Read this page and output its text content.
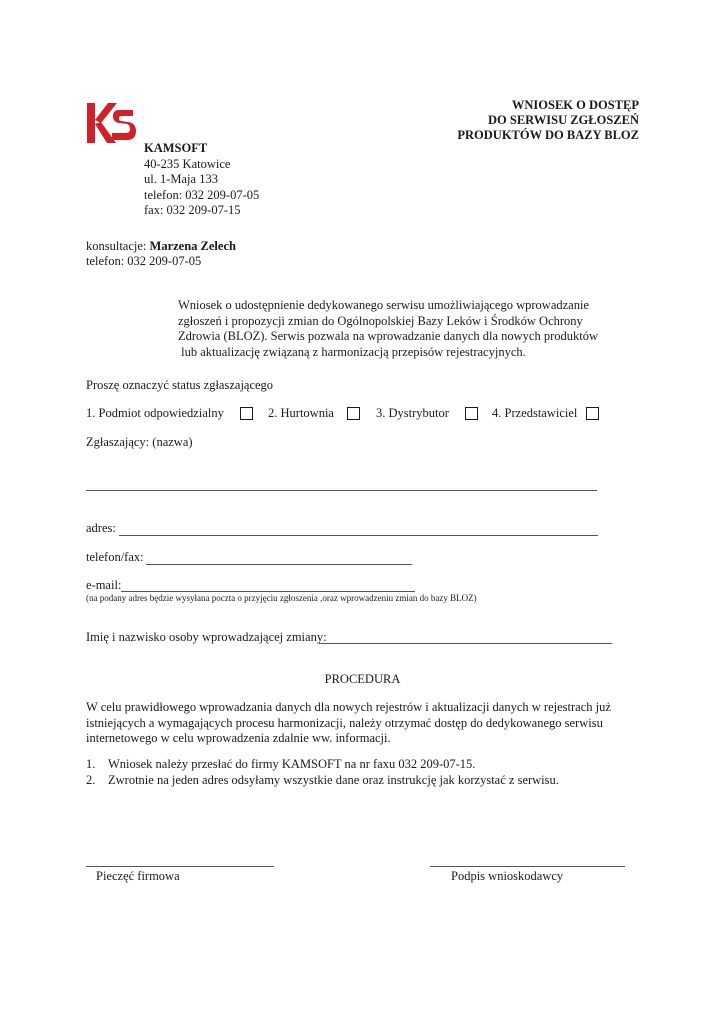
WNIOSEK O DOSTĘP
DO SERWISU ZGŁOSZEŃ
PRODUKTÓW DO BAZY BLOZ
KAMSOFT
40-235 Katowice
ul. 1-Maja 133
telefon: 032 209-07-05
fax: 032 209-07-15
konsultacje: Marzena Zelech
telefon: 032 209-07-05
Wniosek o udostępnienie dedykowanego serwisu umożliwiającego wprowadzanie
zgłoszeń i propozycji zmian do Ogólnopolskiej Bazy Leków i Środków Ochrony
Zdrowia (BLOZ). Serwis pozwala na wprowadzanie danych dla nowych produktów
lub aktualizację związaną z harmonizacją przepisów rejestracyjnych.
Proszę oznaczyć status zgłaszającego
1. Podmiot odpowiedzialny	2. Hurtownia	3. Dystrybutor	4. Przedstawiciel
Zgłaszający: (nazwa)
adres:
telefon/fax:
e-mail:
(na podany adres będzie wysyłana poczta o przyjęciu zgłoszenia ,oraz wprowadzeniu zmian do bazy BLOZ)
Imię i nazwisko osoby wprowadzającej zmiany:
PROCEDURA
W celu prawidłowego wprowadzania danych dla nowych rejestrów i aktualizacji danych w rejestrach już
istniejących a wymagających procesu harmonizacji, należy otrzymać dostęp do dedykowanego serwisu
internetowego w celu wprowadzenia zdalnie ww. informacji.
1. Wniosek należy przesłać do firmy KAMSOFT na nr faxu 032 209-07-15.
2. Zwrotnie na jeden adres odsyłamy wszystkie dane oraz instrukcję jak korzystać z serwisu.
Pieczęć firmowa	Podpis wnioskodawcy
